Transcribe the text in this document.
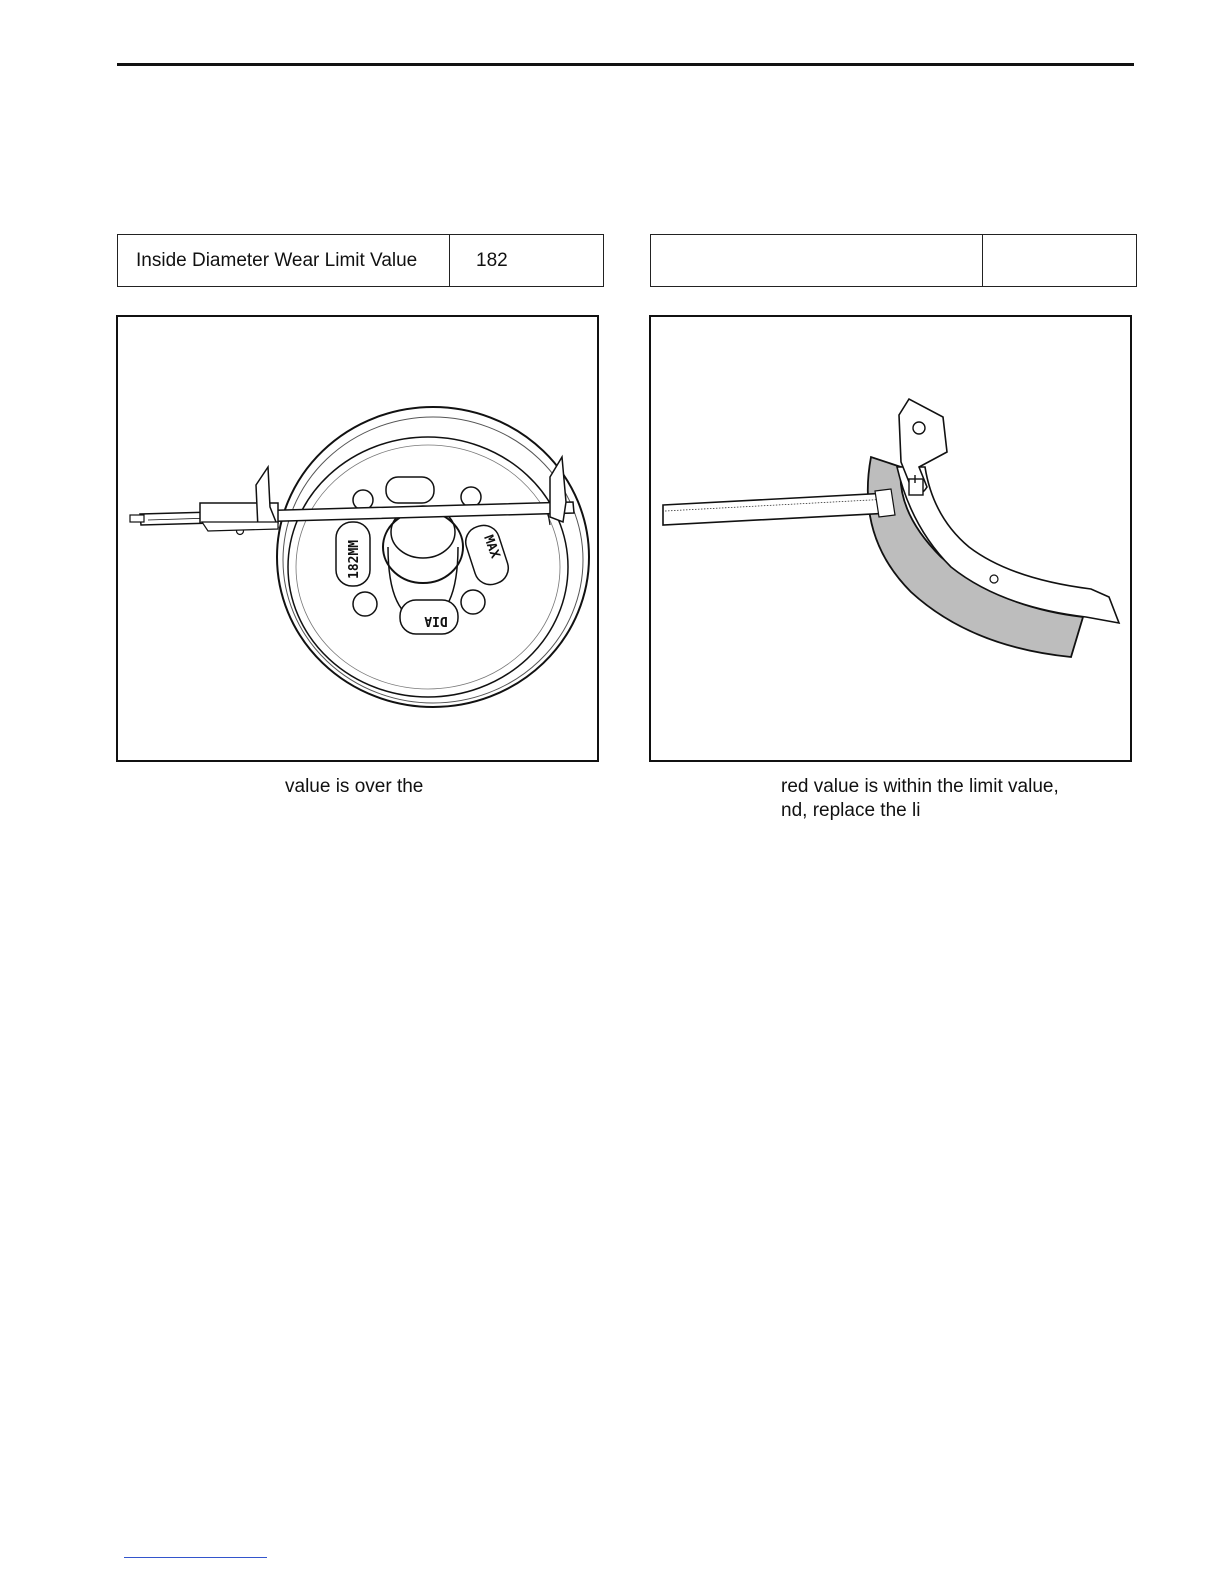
Inside Diameter Wear Limit Value	182
182MM	MAX
DIA
value is over the	red value is within the limit value,
nd, replace the li
